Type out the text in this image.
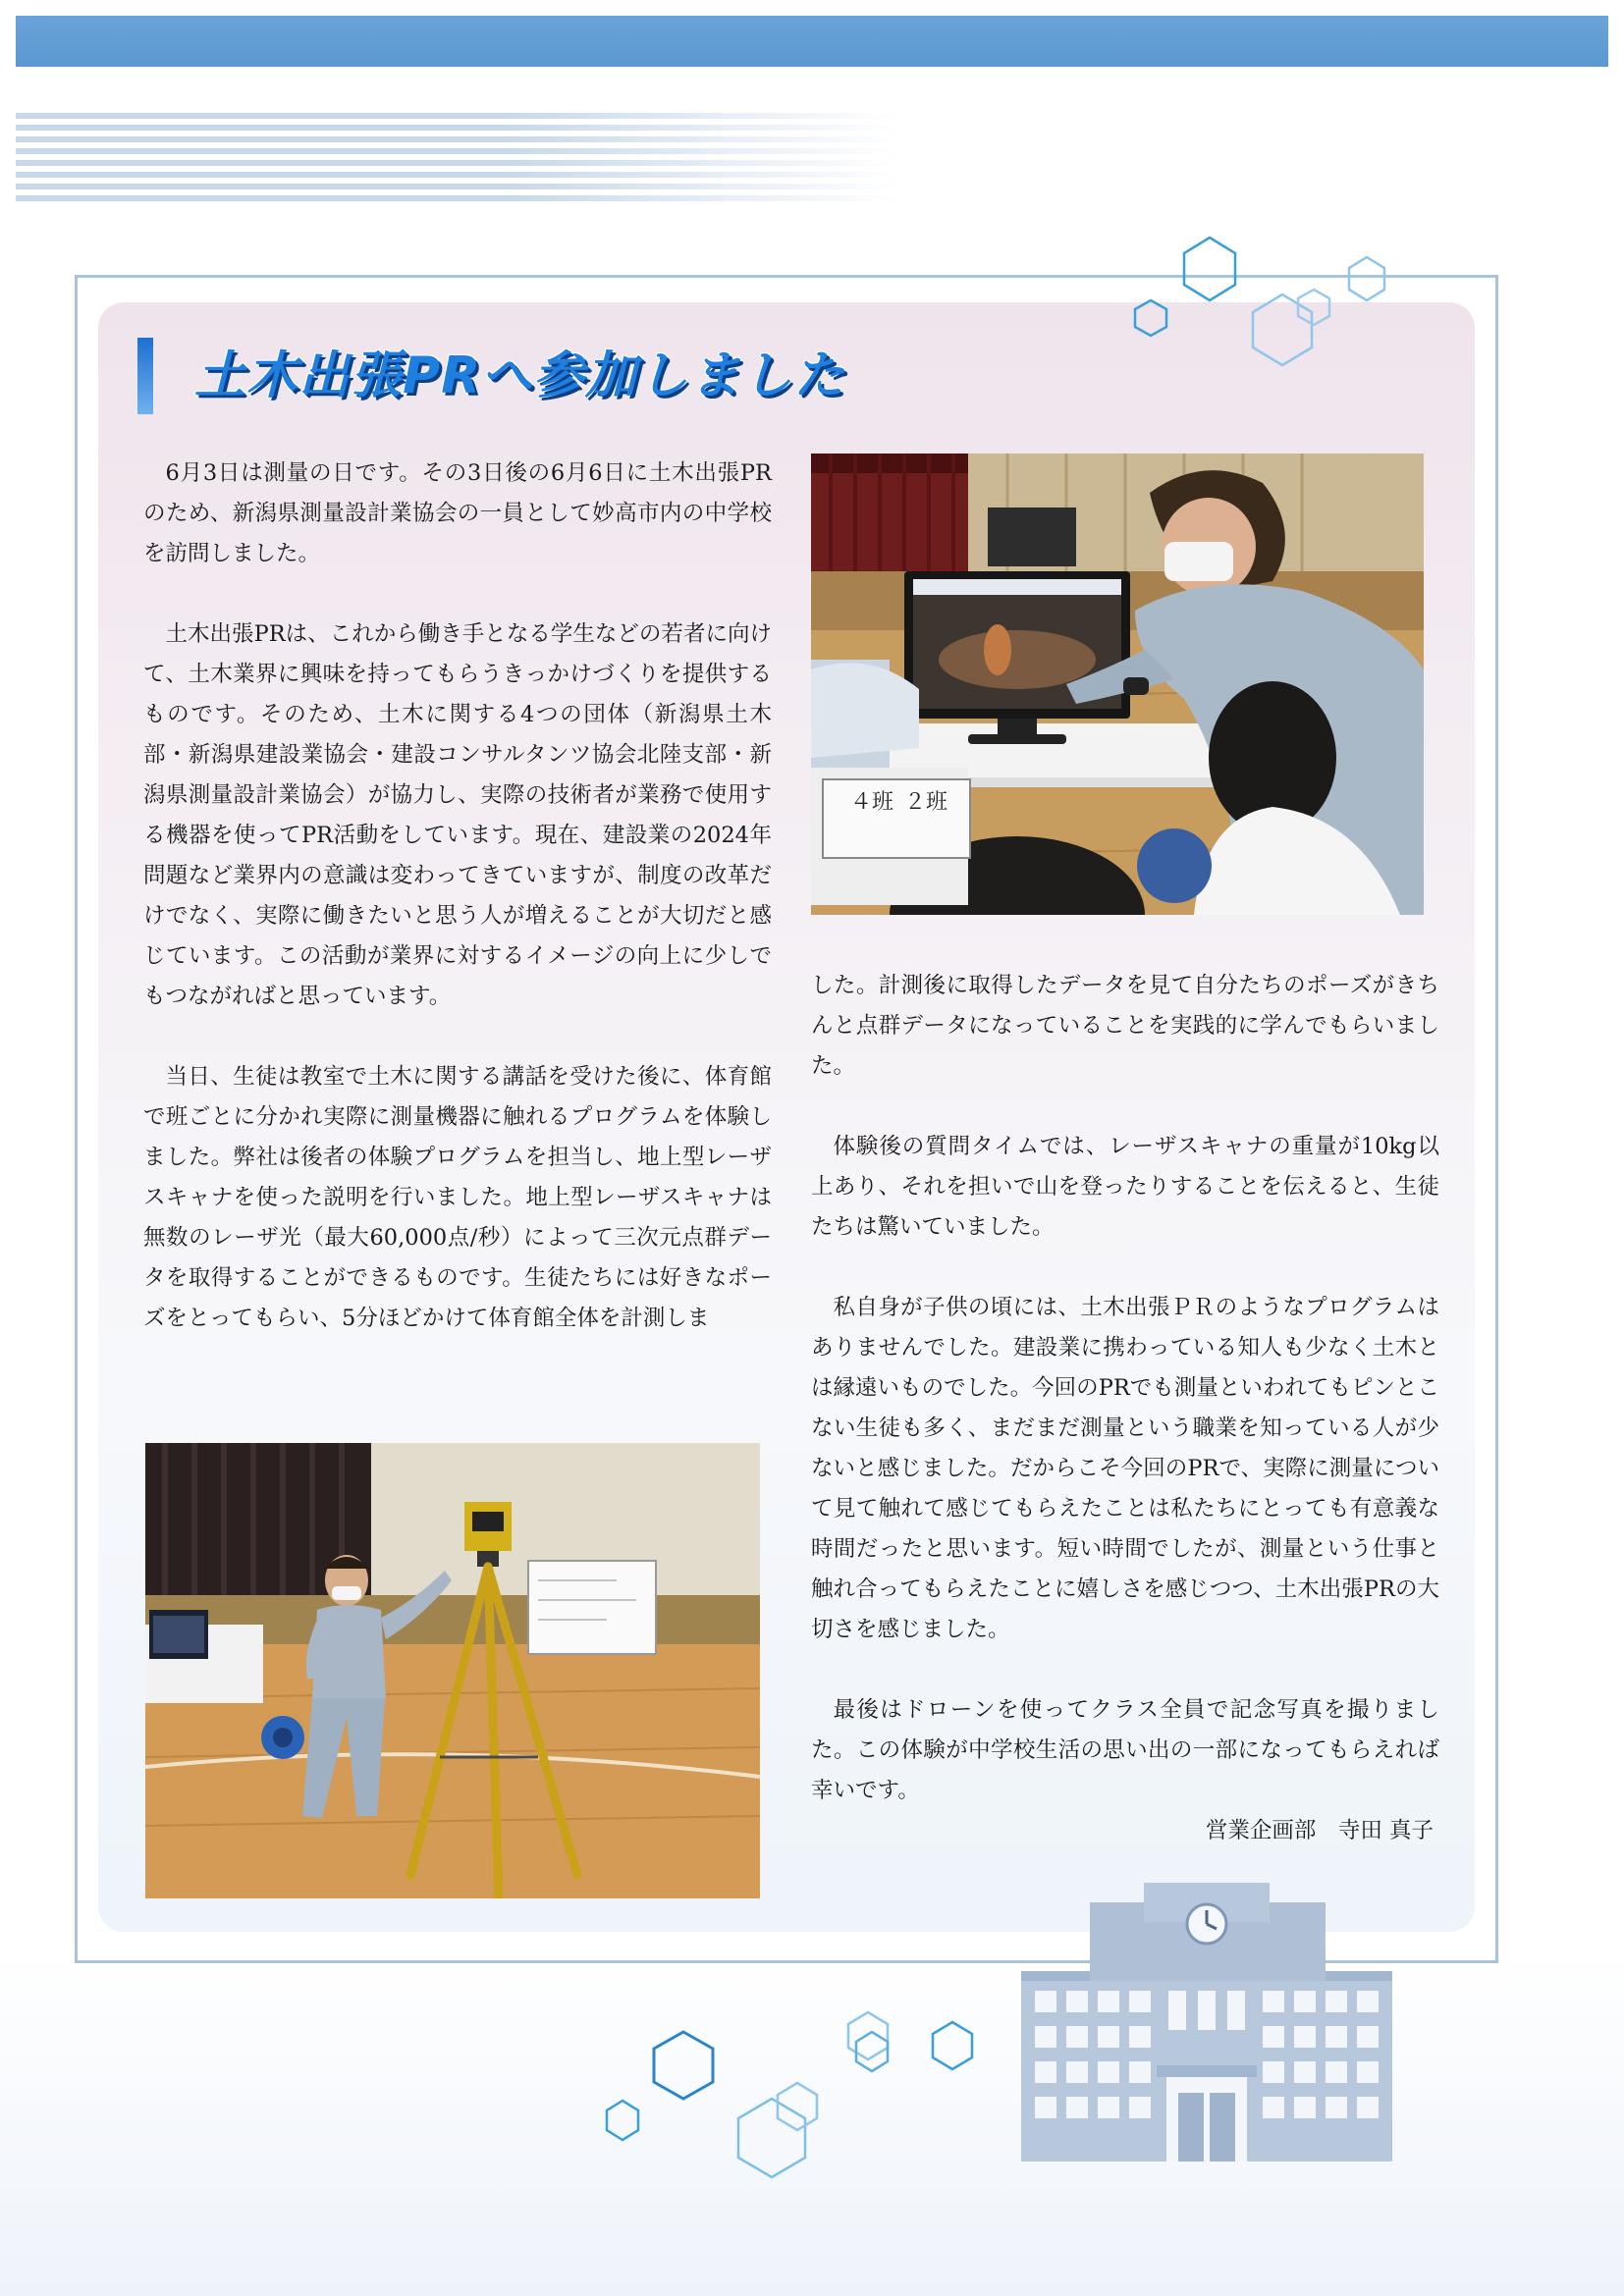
土木出張PRへ参加しました

6月3日は測量の日です。その3日後の6月6日に土木出張PRのため、新潟県測量設計業協会の一員として妙高市内の中学校を訪問しました。

土木出張PRは、これから働き手となる学生などの若者に向けて、土木業界に興味を持ってもらうきっかけづくりを提供するものです。そのため、土木に関する4つの団体（新潟県土木部・新潟県建設業協会・建設コンサルタンツ協会北陸支部・新潟県測量設計業協会）が協力し、実際の技術者が業務で使用する機器を使ってPR活動をしています。現在、建設業の2024年問題など業界内の意識は変わってきていますが、制度の改革だけでなく、実際に働きたいと思う人が増えることが大切だと感じています。この活動が業界に対するイメージの向上に少しでもつながればと思っています。

当日、生徒は教室で土木に関する講話を受けた後に、体育館で班ごとに分かれ実際に測量機器に触れるプログラムを体験しました。弊社は後者の体験プログラムを担当し、地上型レーザスキャナを使った説明を行いました。地上型レーザスキャナは無数のレーザ光（最大60,000点/秒）によって三次元点群データを取得することができるものです。生徒たちには好きなポーズをとってもらい、5分ほどかけて体育館全体を計測しま

４班 ２班

した。計測後に取得したデータを見て自分たちのポーズがきちんと点群データになっていることを実践的に学んでもらいました。

体験後の質問タイムでは、レーザスキャナの重量が10kg以上あり、それを担いで山を登ったりすることを伝えると、生徒たちは驚いていました。

私自身が子供の頃には、土木出張ＰＲのようなプログラムはありませんでした。建設業に携わっている知人も少なく土木とは縁遠いものでした。今回のPRでも測量といわれてもピンとこない生徒も多く、まだまだ測量という職業を知っている人が少ないと感じました。だからこそ今回のPRで、実際に測量について見て触れて感じてもらえたことは私たちにとっても有意義な時間だったと思います。短い時間でしたが、測量という仕事と触れ合ってもらえたことに嬉しさを感じつつ、土木出張PRの大切さを感じました。

最後はドローンを使ってクラス全員で記念写真を撮りました。この体験が中学校生活の思い出の一部になってもらえれば幸いです。

営業企画部　寺田 真子
